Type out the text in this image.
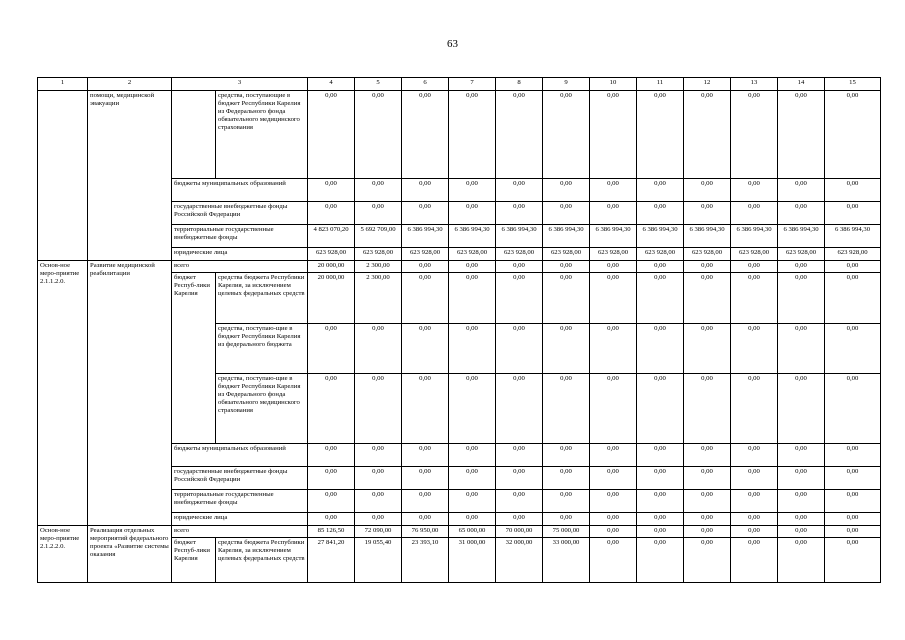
63
1	2	3		4	5	6	7	8	9	10	11	12	13	14	15
	помощи, медицинской эвакуации		средства, поступающие в бюджет Республики Карелия из Федерального фонда обязательного медицинского страхования	0,00	0,00	0,00	0,00	0,00	0,00	0,00	0,00	0,00	0,00	0,00	0,00
		бюджеты муниципальных образований		0,00	0,00	0,00	0,00	0,00	0,00	0,00	0,00	0,00	0,00	0,00	0,00
		государственные внебюджетные фонды Российской Федерации		0,00	0,00	0,00	0,00	0,00	0,00	0,00	0,00	0,00	0,00	0,00	0,00
		территориальные государственные внебюджетные фонды		4 823 070,20	5 692 709,00	6 386 994,30	6 386 994,30	6 386 994,30	6 386 994,30	6 386 994,30	6 386 994,30	6 386 994,30	6 386 994,30	6 386 994,30	6 386 994,30
		юридические лица		623 928,00	623 928,00	623 928,00	623 928,00	623 928,00	623 928,00	623 928,00	623 928,00	623 928,00	623 928,00	623 928,00	623 928,00
Основ-ное меро-приятие 2.1.1.2.0.	Развитие медицинской реабилитации	всего		20 000,00	2 300,00	0,00	0,00	0,00	0,00	0,00	0,00	0,00	0,00	0,00	0,00
		бюджет Респуб-лики Карелия	средства бюджета Республики Карелия, за исключением целевых федеральных средств	20 000,00	2 300,00	0,00	0,00	0,00	0,00	0,00	0,00	0,00	0,00	0,00	0,00
			средства, поступаю-щие в бюджет Республики Карелия из федерального бюджета	0,00	0,00	0,00	0,00	0,00	0,00	0,00	0,00	0,00	0,00	0,00	0,00
			средства, поступаю-щие в бюджет Республики Карелия из Федерального фонда обязательного медицинского страхования	0,00	0,00	0,00	0,00	0,00	0,00	0,00	0,00	0,00	0,00	0,00	0,00
		бюджеты муниципальных образований		0,00	0,00	0,00	0,00	0,00	0,00	0,00	0,00	0,00	0,00	0,00	0,00
		государственные внебюджетные фонды Российской Федерации		0,00	0,00	0,00	0,00	0,00	0,00	0,00	0,00	0,00	0,00	0,00	0,00
		территориальные государственные внебюджетные фонды		0,00	0,00	0,00	0,00	0,00	0,00	0,00	0,00	0,00	0,00	0,00	0,00
		юридические лица		0,00	0,00	0,00	0,00	0,00	0,00	0,00	0,00	0,00	0,00	0,00	0,00
Основ-ное меро-приятие 2.1.2.2.0.	Реализация отдельных мероприятий федерального проекта «Развитие системы оказания	всего		85 126,50	72 090,00	76 950,00	65 000,00	70 000,00	75 000,00	0,00	0,00	0,00	0,00	0,00	0,00
		бюджет Респуб-лики Карелия	средства бюджета Республики Карелия, за исключением целевых федеральных средств	27 841,20	19 055,40	23 393,10	31 000,00	32 000,00	33 000,00	0,00	0,00	0,00	0,00	0,00	0,00
